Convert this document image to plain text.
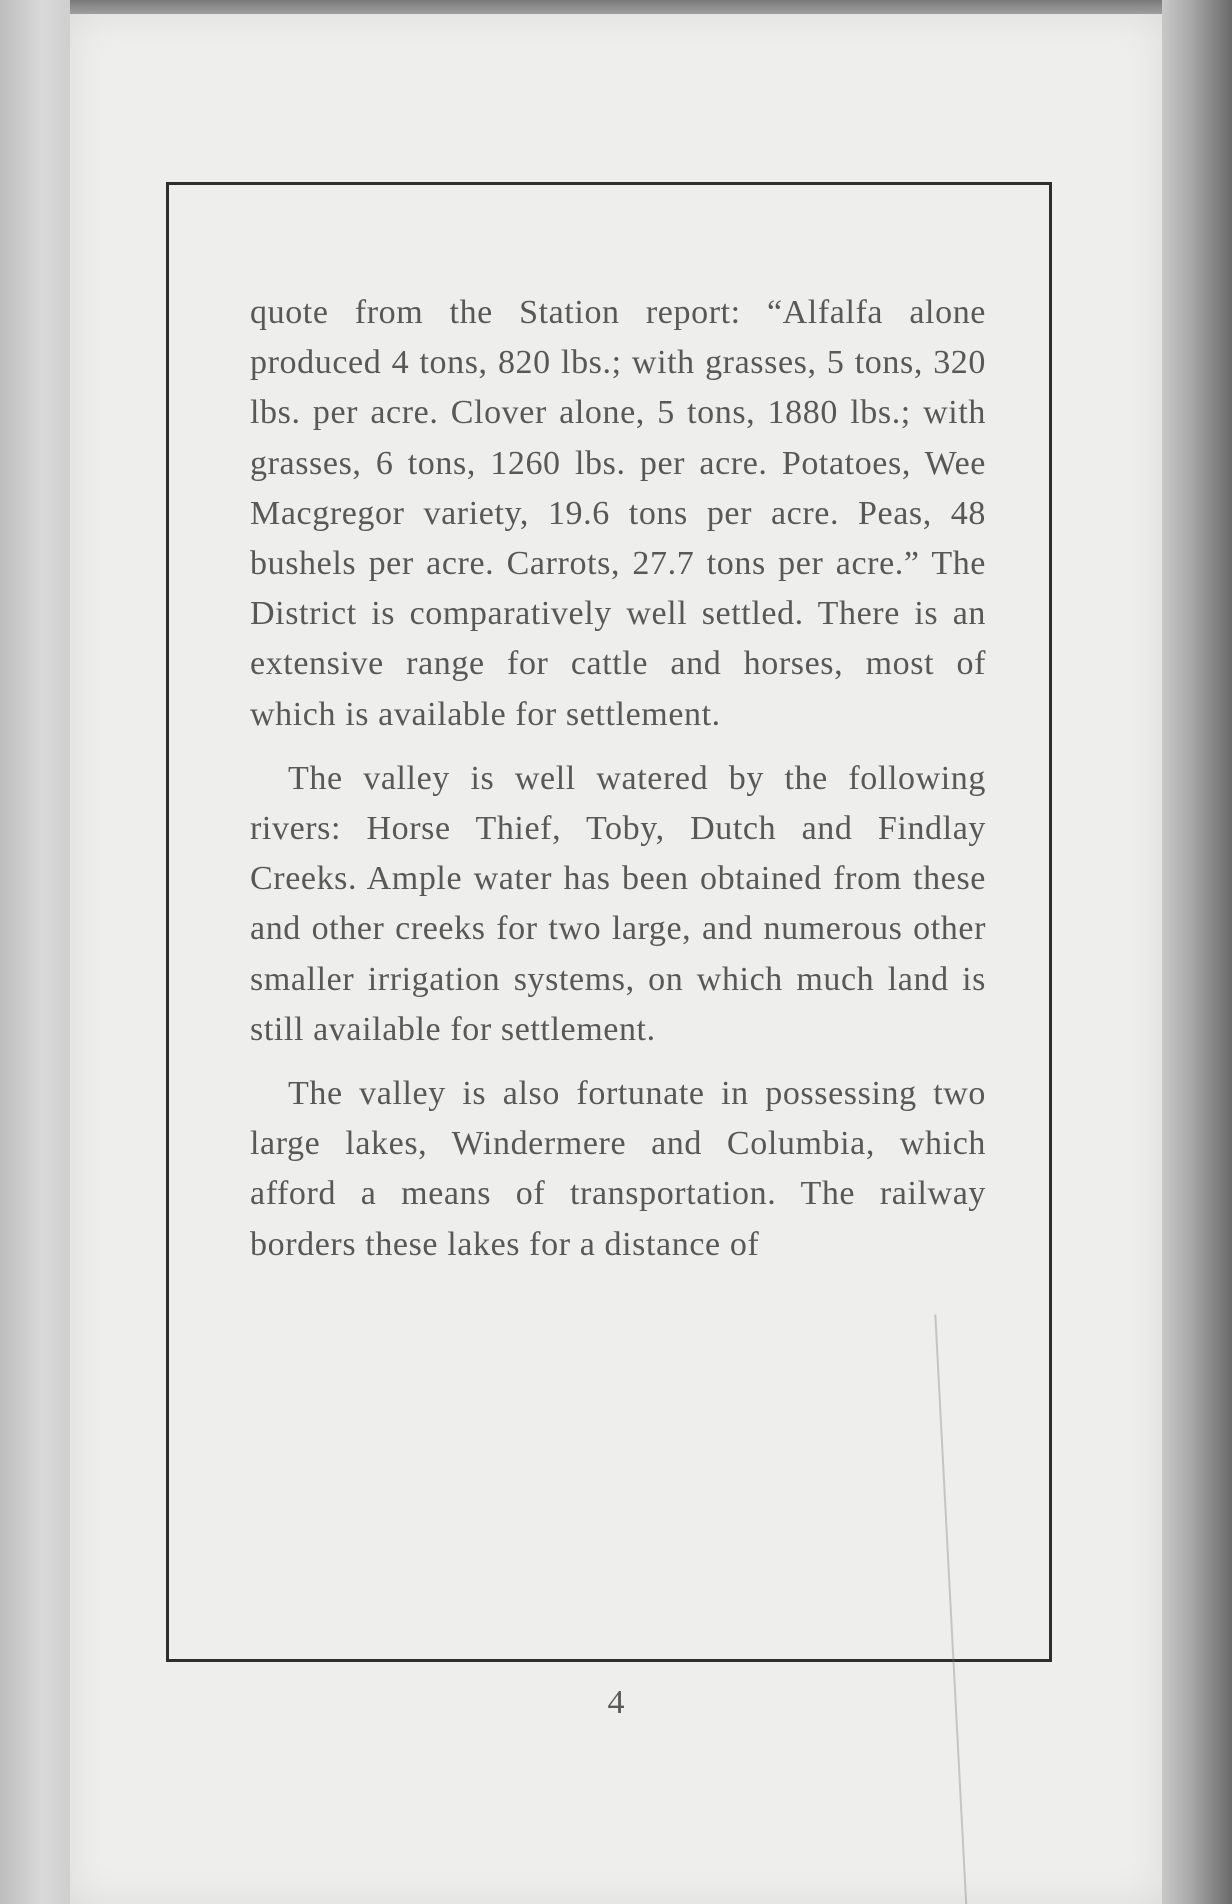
quote from the Station report: “Alfalfa alone produced 4 tons, 820 lbs.; with grasses, 5 tons, 320 lbs. per acre. Clover alone, 5 tons, 1880 lbs.; with grasses, 6 tons, 1260 lbs. per acre. Potatoes, Wee Macgregor variety, 19.6 tons per acre. Peas, 48 bushels per acre. Carrots, 27.7 tons per acre.” The District is comparatively well settled. There is an extensive range for cattle and horses, most of which is available for settlement.

The valley is well watered by the following rivers: Horse Thief, Toby, Dutch and Findlay Creeks. Ample water has been obtained from these and other creeks for two large, and numerous other smaller irrigation systems, on which much land is still available for settlement.

The valley is also fortunate in possessing two large lakes, Windermere and Columbia, which afford a means of transportation. The railway borders these lakes for a distance of

4
